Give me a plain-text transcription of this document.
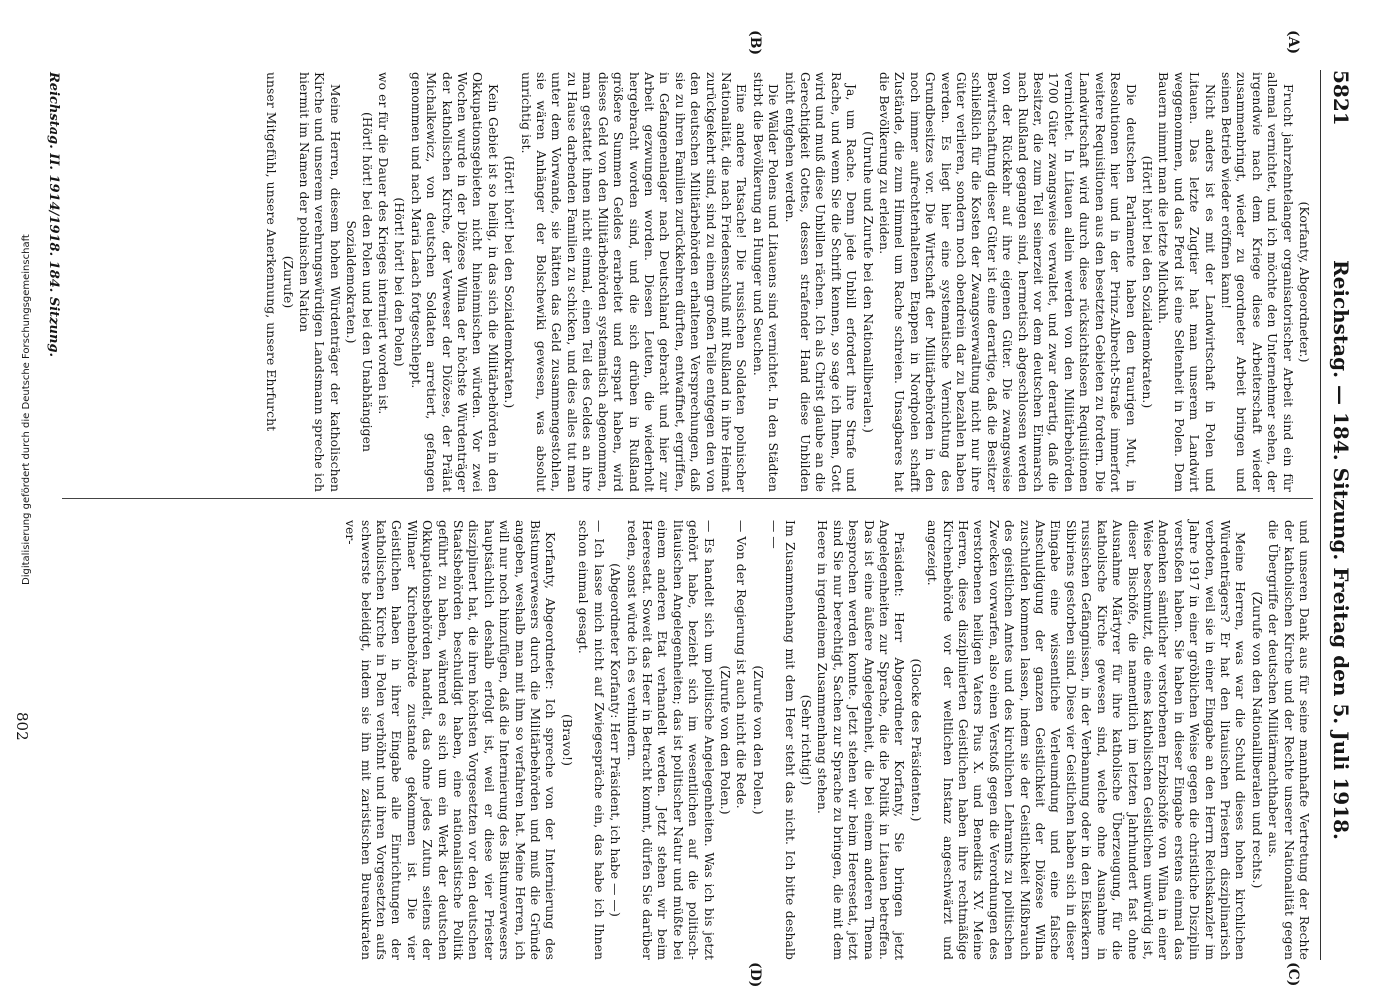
5821
Reichstag. — 184. Sitzung. Freitag den 5. Juli 1918.
(A)
(B)
(C)
(D)

(Korfanty, Abgeordneter.)

Frucht jahrzehntelanger organisatorischer Arbeit sind ein für allemal vernichtet, und ich möchte den Unternehmer sehen, der irgendwie nach dem Kriege diese Arbeiterschaft wieder zusammenbringt, wieder zu geordneter Arbeit bringen und seinen Betrieb wieder eröffnen kann!

Nicht anders ist es mit der Landwirtschaft in Polen und Litauen. Das letzte Zugtier hat man unserem Landwirt weggenommen, und das Pferd ist eine Seltenheit in Polen. Dem Bauern nimmt man die letzte Milchkuh.

(Hört! hört! bei den Sozialdemokraten.)

Die deutschen Parlamente haben den traurigen Mut, in Resolutionen hier und in der Prinz-Albrecht-Straße immerfort weitere Requisitionen aus den besetzten Gebieten zu fordern. Die Landwirtschaft wird durch diese rücksichtslosen Requisitionen vernichtet. In Litauen allein werden von den Militärbehörden 1700 Güter zwangsweise verwaltet, und zwar derartig, daß die Besitzer, die zum Teil seinerzeit vor dem deutschen Einmarsch nach Rußland gegangen sind, hermetisch abgeschlossen werden von der Rückkehr auf ihre eigenen Güter. Die zwangsweise Bewirtschaftung dieser Güter ist eine derartige, daß die Besitzer schließlich für die Kosten der Zwangsverwaltung nicht nur ihre Güter verlieren, sondern noch obendrein dar zu bezahlen haben werden. Es liegt hier eine systematische Vernichtung des Grundbesitzes vor. Die Wirtschaft der Militärbehörden in den noch immer aufrechterhaltenen Etappen in Nordpolen schafft Zustände, die zum Himmel um Rache schreien. Unsagbares hat die Bevölkerung zu erleiden.

(Unruhe und Zurufe bei den Nationalliberalen.)

Ja, um Rache. Denn jede Unbill erfordert ihre Strafe und Rache, und wenn Sie die Schrift kennen, so sage ich Ihnen, Gott wird und muß diese Unbillen rächen. Ich als Christ glaube an die Gerechtigkeit Gottes, dessen strafender Hand diese Unbilden nicht entgehen werden.

Die Wälder Polens und Litauens sind vernichtet. In den Städten stirbt die Bevölkerung an Hunger und Seuchen.

Eine andere Tatsache! Die russischen Soldaten polnischer Nationalität, die nach Friedensschluß mit Rußland in ihre Heimat zurückgekehrt sind, sind zu einem großen Teile entgegen den von den deutschen Militärbehörden erhaltenen Versprechungen, daß sie zu ihren Familien zurückkehren dürften, entwaffnet, ergriffen, in Gefangenenlager nach Deutschland gebracht und hier zur Arbeit gezwungen worden. Diesen Leuten, die wiederholt hergebracht worden sind, und die sich drüben in Rußland größere Summen Geldes erarbeitet und erspart haben, wird dieses Geld von den Militärbehörden systematisch abgenommen, man gestattet ihnen nicht einmal, einen Teil des Geldes an ihre zu Hause darbenden Familien zu schicken, und dies alles tut man unter dem Vorwande, sie hätten das Geld zusammengestohlen, sie wären Anhänger der Bolschewiki gewesen, was absolut unrichtig ist.

(Hört! hört! bei den Sozialdemokraten.)

Kein Gebiet ist so heilig, in das sich die Militärbehörden in den Okkupationsgebieten nicht hineinmischen würden. Vor zwei Wochen wurde in der Diözese Wilna der höchste Würdenträger der katholischen Kirche, der Verweser der Diözese, der Prälat Michalkewicz, von deutschen Soldaten arretiert, gefangen genommen und nach Maria Laach fortgeschleppt.

(Hört! hört! bei den Polen)

wo er für die Dauer des Krieges interniert worden ist.

(Hört! hört! bei den Polen und bei den Unabhängigen Sozialdemokraten.)

Meine Herren, diesem hohen Würdenträger der katholischen Kirche und unserem verehrungswürdigen Landsmann spreche ich hiermit im Namen der polnischen Nation

(Zurufe)

unser Mitgefühl, unsere Anerkennung, unsere Ehrfurcht

und unseren Dank aus für seine mannhafte Vertretung der Rechte der katholischen Kirche und der Rechte unserer Nationalität gegen die Übergriffe der deutschen Militärmachthaber aus.

(Zurufe von den Nationalliberalen und rechts.)

Meine Herren, was war die Schuld dieses hohen kirchlichen Würdenträgers? Er hat den litauischen Priestern disziplinarisch verboten, weil sie in einer Eingabe an den Herrn Reichskanzler im Jahre 1917 in einer gröblichen Weise gegen die christliche Disziplin verstoßen haben. Sie haben in dieser Eingabe erstens einmal das Andenken sämtlicher verstorbenen Erzbischöfe von Wilna in einer Weise beschmutzt, die eines katholischen Geistlichen unwürdig ist, dieser Bischöfe, die namentlich im letzten Jahrhundert fast ohne Ausnahme Märtyrer für ihre katholische Überzeugung, für die katholische Kirche gewesen sind, welche ohne Ausnahme in russischen Gefängnissen, in der Verbannung oder in den Eiskerkern Sibiriens gestorben sind. Diese vier Geistlichen haben sich in dieser Eingabe eine wissentliche Verleumdung und eine falsche Anschuldigung der ganzen Geistlichkeit der Diözese Wilna zuschulden kommen lassen, indem sie der Geistlichkeit Mißbrauch des geistlichen Amtes und des kirchlichen Lehramts zu politischen Zwecken vorwarfen, also einen Verstoß gegen die Verordnungen des verstorbenen heiligen Vaters Pius X. und Benedikts XV. Meine Herren, diese disziplinierten Geistlichen haben ihre rechtmäßige Kirchenbehörde vor der weltlichen Instanz angeschwärzt und angezeigt.

(Glocke des Präsidenten.)

Präsident: Herr Abgeordneter Korfanty, Sie bringen jetzt Angelegenheiten zur Sprache, die die Politik in Litauen betreffen. Das ist eine äußere Angelegenheit, die bei einem anderen Thema besprochen werden konnte. Jetzt stehen wir beim Heeresetat, jetzt sind Sie nur berechtigt, Sachen zur Sprache zu bringen, die mit dem Heere in irgendeinem Zusammenhang stehen.

(Sehr richtig!)

Im Zusammenhang mit dem Heer steht das nicht. Ich bitte deshalb — —

(Zurufe von den Polen.)

— Von der Regierung ist auch nicht die Rede.

(Zurufe von den Polen.)

— Es handelt sich um politische Angelegenheiten. Was ich bis jetzt gehört habe, bezieht sich im wesentlichen auf die politisch-litauischen Angelegenheiten; das ist politischer Natur und müßte bei einem anderen Etat verhandelt werden. Jetzt stehen wir beim Heeresetat. Soweit das Heer in Betracht kommt, dürfen Sie darüber reden, sonst würde ich es verhindern.

(Abgeordneter Korfanty: Herr Präsident, ich habe — —)

— Ich lasse mich nicht auf Zwiegespräche ein, das habe ich Ihnen schon einmal gesagt.

(Bravo!)

Korfanty, Abgeordneter: Ich spreche von der Internierung des Bistumverwesers durch die Militärbehörden und muß die Gründe angeben, weshalb man mit ihm so verfahren hat. Meine Herren, ich will nur noch hinzufügen, daß die Internierung des Bistumverwesers hauptsächlich deshalb erfolgt ist, weil er diese vier Priester disziplinert hat, die ihren höchsten Vorgesetzten vor den deutschen Staatsbehörden beschuldigt haben, eine nationalistische Politik geführt zu haben, während es sich um ein Werk der deutschen Okkupationsbehörden handelt, das ohne jedes Zutun seitens der Wilnaer Kirchenbehörde zustande gekommen ist. Die vier Geistlichen haben in ihrer Eingabe alle Einrichtungen der katholischen Kirche in Polen verhöhnt und ihren Vorgesetzten aufs schwerste beleidigt, indem sie ihn mit zaristischen Bureaukraten ver-

Reichstag. II. 1914/1918. 184. Sitzung.
802
Digitalisierung gefördert durch die Deutsche Forschungsgemeinschaft
